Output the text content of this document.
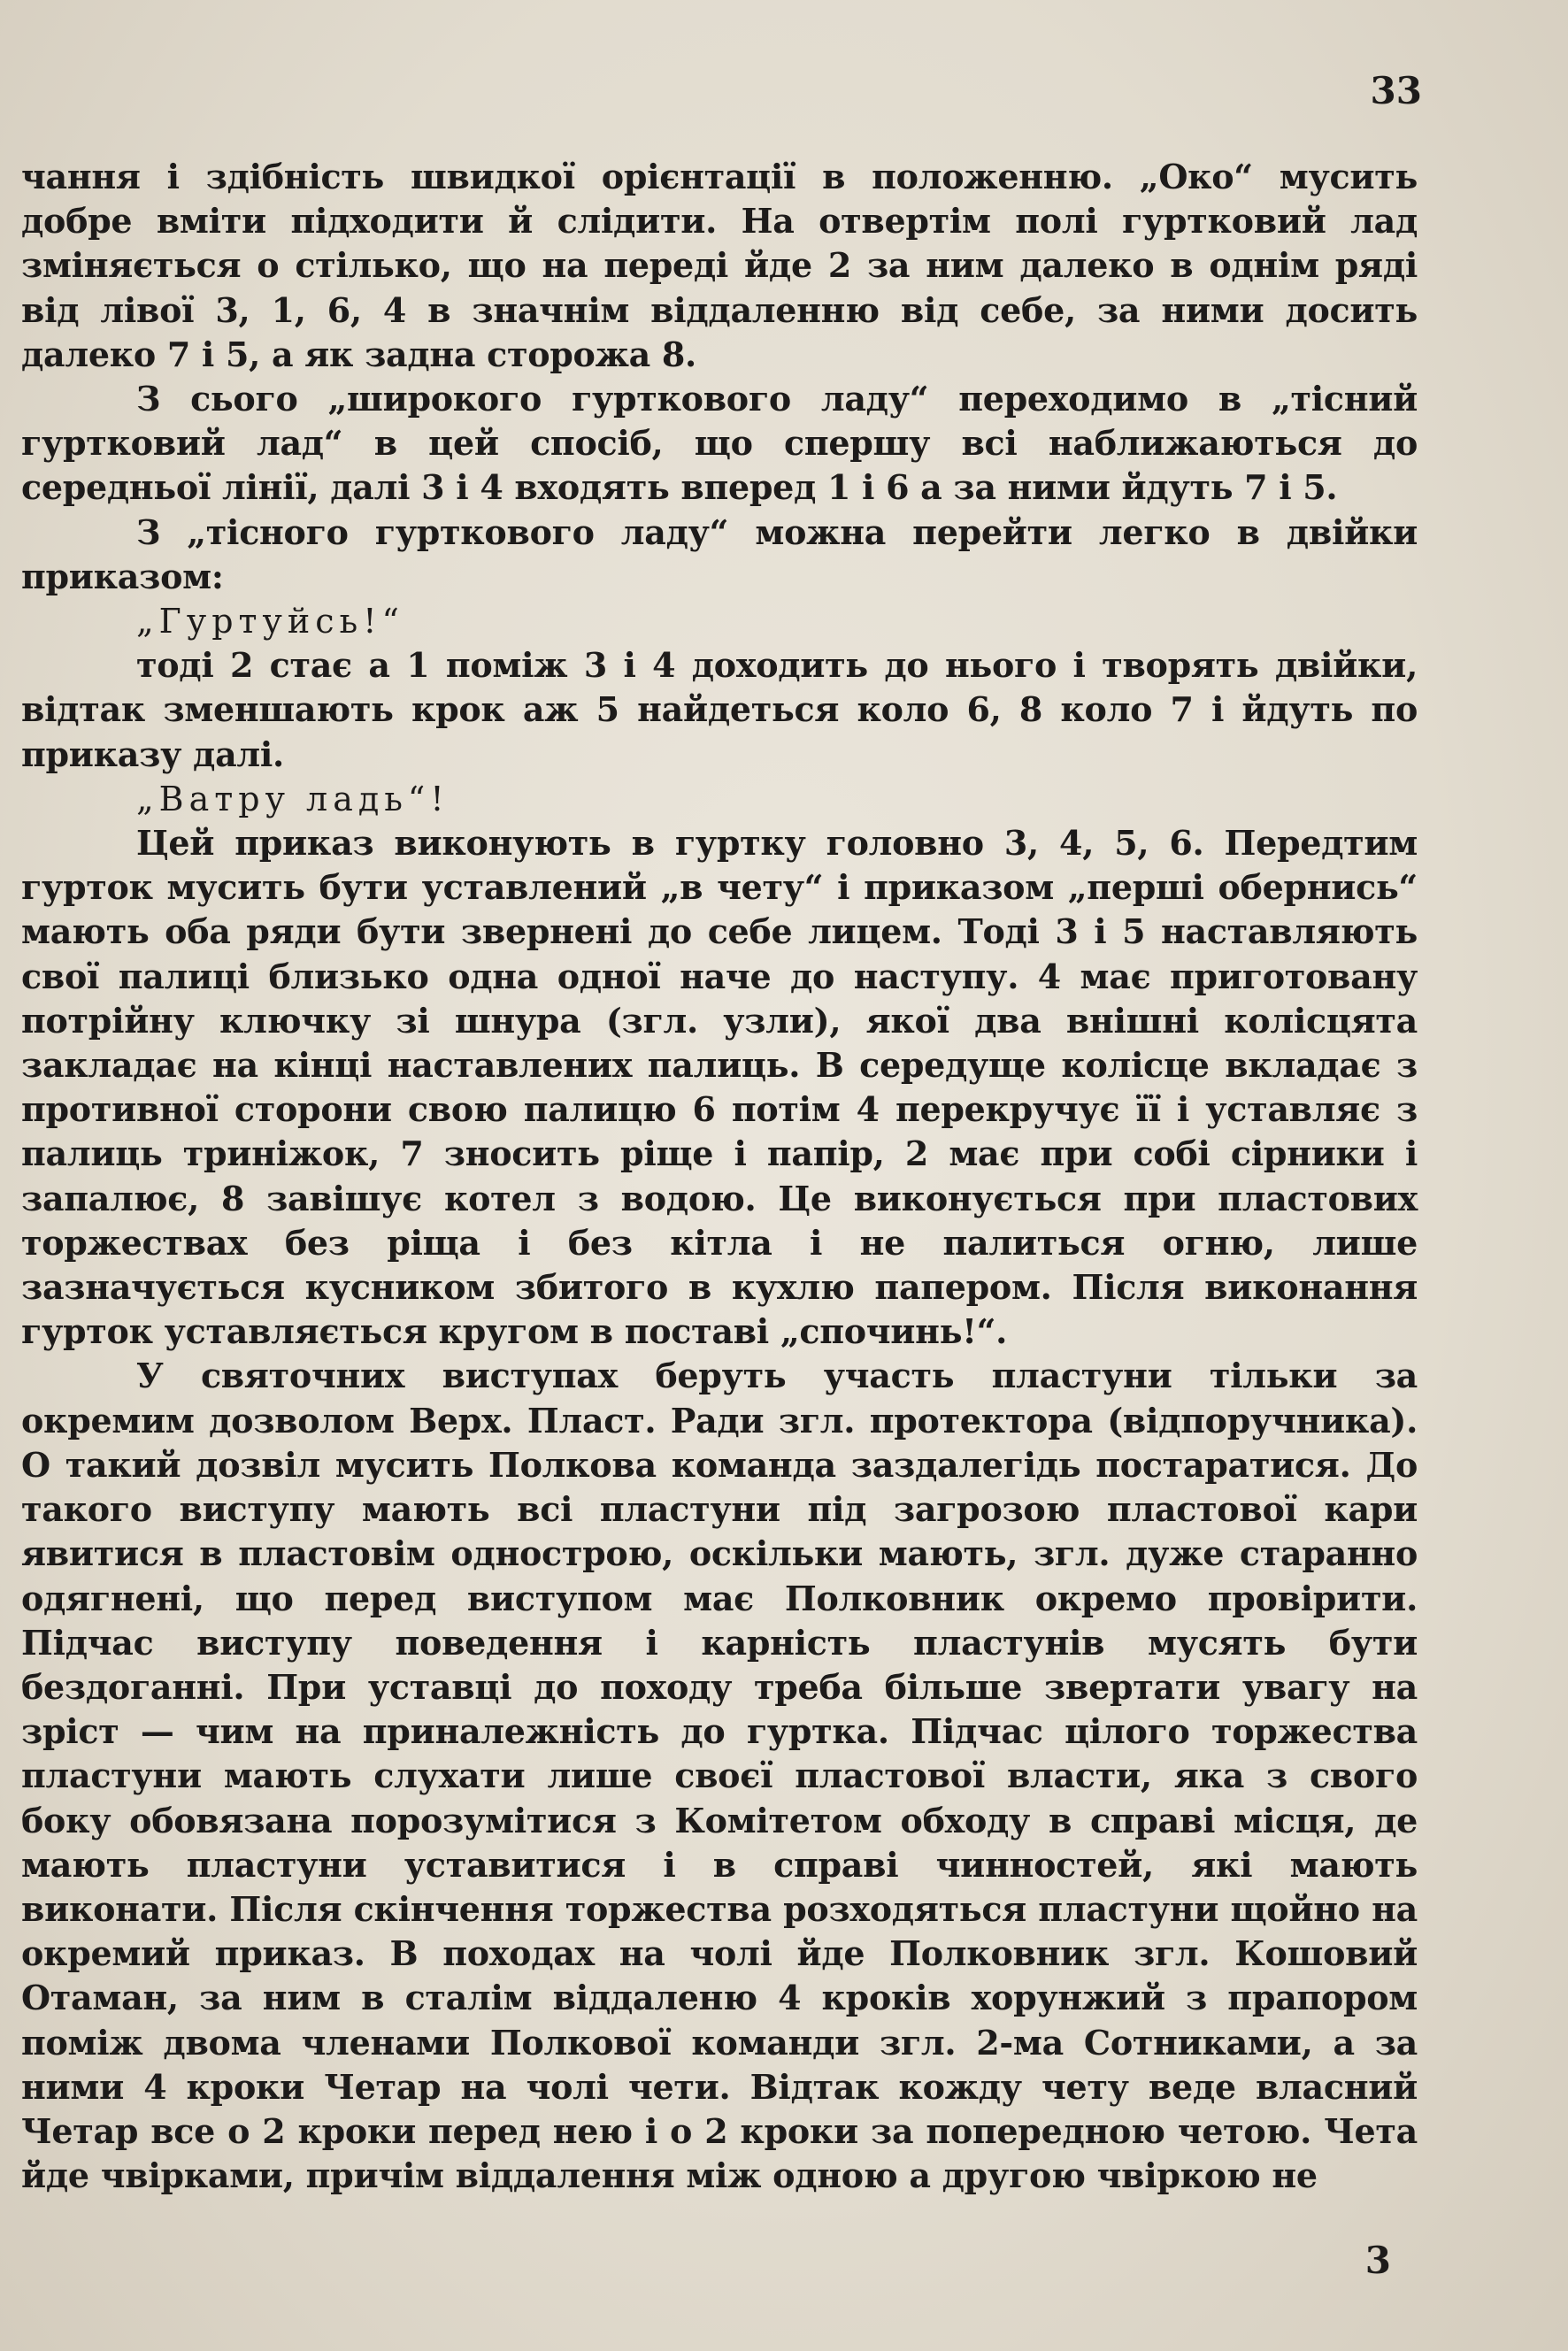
33

чання і здібність швидкої орієнтації в положенню. „Око“ мусить добре вміти підходити й слідити. На отвертім полі гуртковий лад зміняється о стілько, що на переді йде 2 за ним далеко в однім ряді від лівої 3, 1, 6, 4 в значнім віддаленню від себе, за ними досить далеко 7 і 5, а як задна сторожа 8.

З сього „широкого гурткового ладу“ переходимо в „тісний гуртковий лад“ в цей спосіб, що спершу всі наближаються до середньої лінії, далі 3 і 4 входять вперед 1 і 6 а за ними йдуть 7 і 5.

З „тісного гурткового ладу“ можна перейти легко в двійки приказом:

„Гуртуйсь!“

тоді 2 стає а 1 поміж 3 і 4 доходить до нього і творять двійки, відтак зменшають крок аж 5 найдеться коло 6, 8 коло 7 і йдуть по приказу далі.

„Ватру ладь“!

Цей приказ виконують в гуртку головно 3, 4, 5, 6. Передтим гурток мусить бути уставлений „в чету“ і приказом „перші обернись“ мають оба ряди бути звернені до себе лицем. Тоді 3 і 5 наставляють свої палиці близько одна одної наче до наступу. 4 має приготовану потрійну ключку зі шнура (згл. узли), якої два внішні колісцята закладає на кінці наставлених палиць. В середуще колісце вкладає з противної сторони свою палицю 6 потім 4 перекручує її і уставляє з палиць триніжок, 7 зносить ріще і папір, 2 має при собі сірники і запалює, 8 завішує котел з водою. Це виконується при пластових торжествах без ріща і без кітла і не палиться огню, лише зазначується кусником збитого в кухлю папером. Після виконання гурток уставляється кругом в поставі „спочинь!“.

У святочних виступах беруть участь пластуни тільки за окремим дозволом Верх. Пласт. Ради згл. протектора (відпоручника). О такий дозвіл мусить Полкова команда заздалегідь постаратися. До такого виступу мають всі пластуни під загрозою пластової кари явитися в пластовім однострою, оскільки мають, згл. дуже старанно одягнені, що перед виступом має Полковник окремо провірити. Підчас виступу поведення і карність пластунів мусять бути бездоганні. При уставці до походу треба більше звертати увагу на зріст — чим на приналежність до гуртка. Підчас цілого торжества пластуни мають слухати лише своєї пластової власти, яка з свого боку обовязана порозумітися з Комітетом обходу в справі місця, де мають пластуни уставитися і в справі чинностей, які мають виконати. Після скінчення торжества розходяться пластуни щойно на окремий приказ. В походах на чолі йде Полковник згл. Кошовий Отаман, за ним в сталім віддаленю 4 кроків хорунжий з прапором поміж двома членами Полкової команди згл. 2-ма Сотниками, а за ними 4 кроки Четар на чолі чети. Відтак кожду чету веде власний Четар все о 2 кроки перед нею і о 2 кроки за попередною четою. Чета йде чвірками, причім віддалення між одною а другою чвіркою не

3
